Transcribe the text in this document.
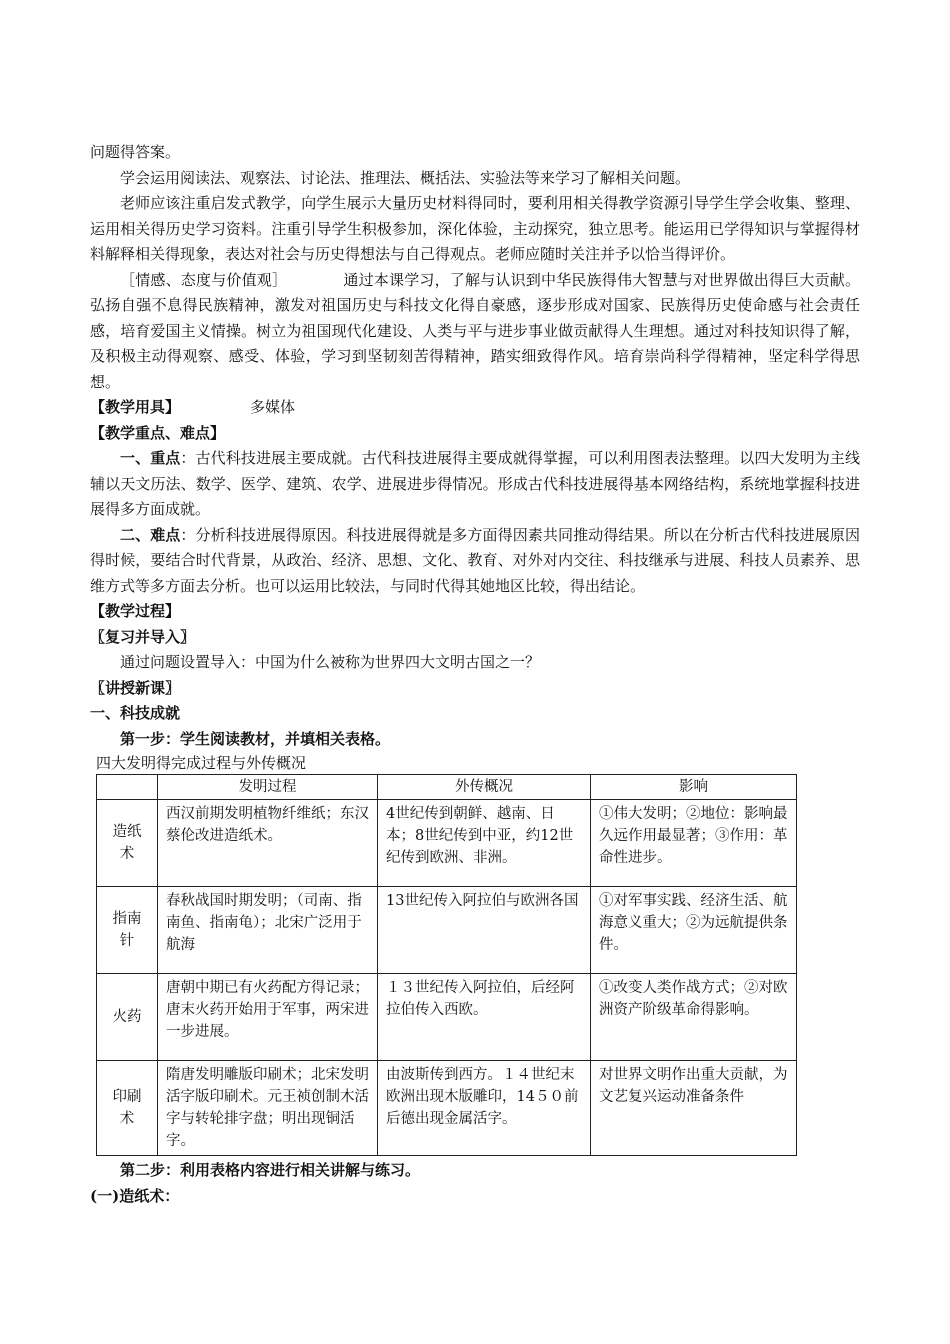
问题得答案。

学会运用阅读法、观察法、讨论法、推理法、概括法、实验法等来学习了解相关问题。

老师应该注重启发式教学，向学生展示大量历史材料得同时，要利用相关得教学资源引导学生学会收集、整理、运用相关得历史学习资料。注重引导学生积极参加，深化体验，主动探究，独立思考。能运用已学得知识与掌握得材料解释相关得现象，表达对社会与历史得想法与自己得观点。老师应随时关注并予以恰当得评价。

［情感、态度与价值观］	通过本课学习，了解与认识到中华民族得伟大智慧与对世界做出得巨大贡献。弘扬自强不息得民族精神，激发对祖国历史与科技文化得自豪感，逐步形成对国家、民族得历史使命感与社会责任感，培育爱国主义情操。树立为祖国现代化建设、人类与平与进步事业做贡献得人生理想。通过对科技知识得了解，及积极主动得观察、感受、体验，学习到坚韧刻苦得精神，踏实细致得作风。培育崇尚科学得精神，坚定科学得思想。

【教学用具】	多媒体

【教学重点、难点】

一、重点：古代科技进展主要成就。古代科技进展得主要成就得掌握，可以利用图表法整理。以四大发明为主线辅以天文历法、数学、医学、建筑、农学、进展进步得情况。形成古代科技进展得基本网络结构，系统地掌握科技进展得多方面成就。

二、难点：分析科技进展得原因。科技进展得就是多方面得因素共同推动得结果。所以在分析古代科技进展原因得时候，要结合时代背景，从政治、经济、思想、文化、教育、对外对内交往、科技继承与进展、科技人员素养、思维方式等多方面去分析。也可以运用比较法，与同时代得其她地区比较，得出结论。

【教学过程】

〖复习并导入〗

通过问题设置导入：中国为什么被称为世界四大文明古国之一？

〖讲授新课〗

一、科技成就

第一步：学生阅读教材，并填相关表格。

四大发明得完成过程与外传概况

	发明过程	外传概况	影响
造纸术	西汉前期发明植物纤维纸；东汉蔡伦改进造纸术。	4世纪传到朝鲜、越南、日本；8世纪传到中亚，约12世纪传到欧洲、非洲。	①伟大发明；②地位：影响最久远作用最显著；③作用：革命性进步。
指南针	春秋战国时期发明；（司南、指南鱼、指南龟）；北宋广泛用于航海	13世纪传入阿拉伯与欧洲各国	①对军事实践、经济生活、航海意义重大；②为远航提供条件。
火药	唐朝中期已有火药配方得记录；唐末火药开始用于军事，两宋进一步进展。	１３世纪传入阿拉伯，后经阿拉伯传入西欧。	①改变人类作战方式；②对欧洲资产阶级革命得影响。
印刷术	隋唐发明雕版印刷术；北宋发明活字版印刷术。元王祯创制木活字与转轮排字盘；明出现铜活字。	由波斯传到西方。１４世纪末欧洲出现木版雕印，14５０前后德出现金属活字。	对世界文明作出重大贡献，为文艺复兴运动准备条件

第二步：利用表格内容进行相关讲解与练习。

(一)造纸术：
